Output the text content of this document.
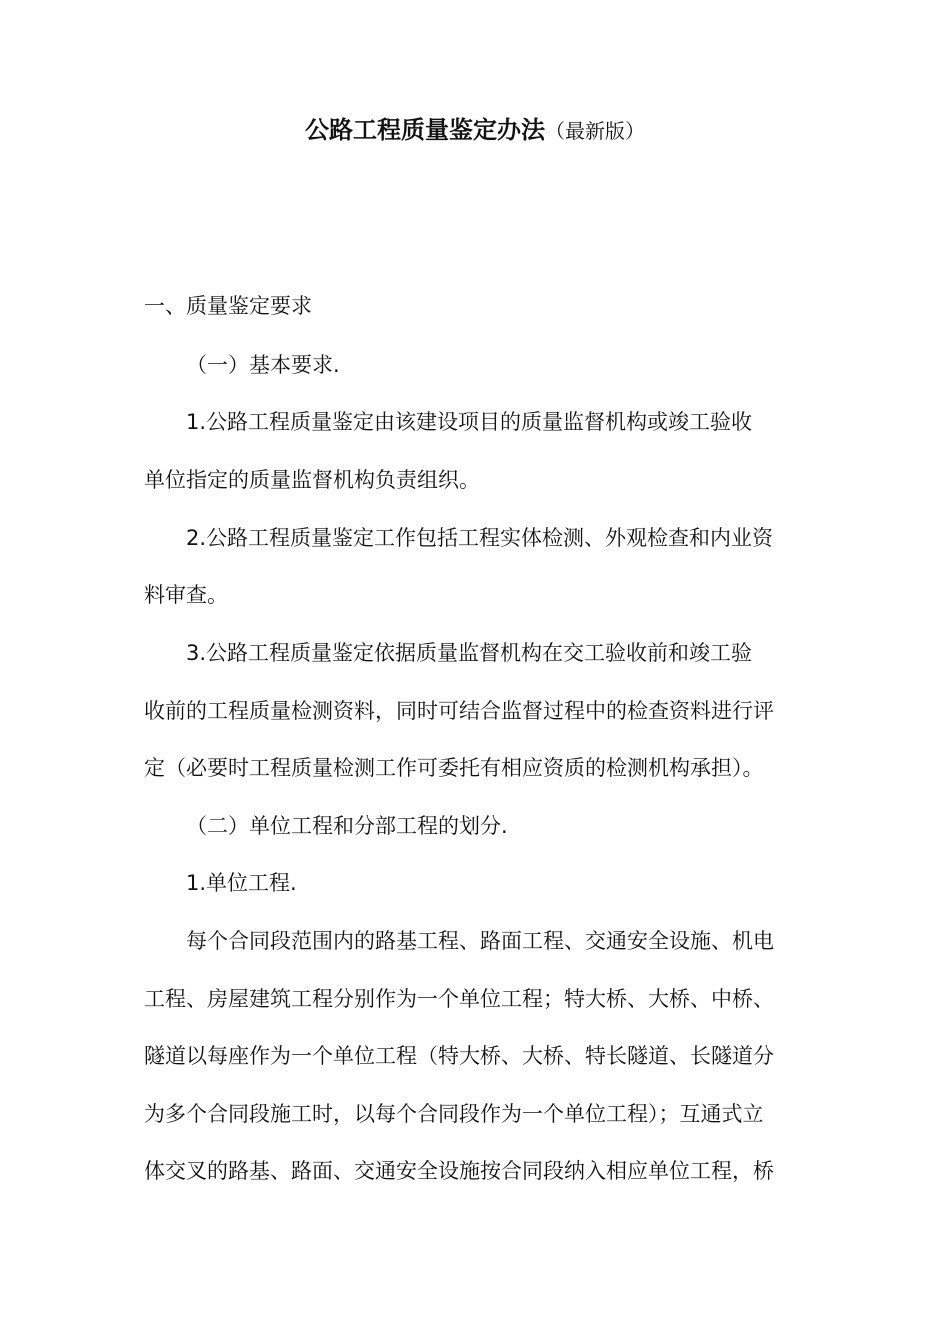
公路工程质量鉴定办法（最新版）

一、质量鉴定要求

（一）基本要求.

1.公路工程质量鉴定由该建设项目的质量监督机构或竣工验收

单位指定的质量监督机构负责组织。

2.公路工程质量鉴定工作包括工程实体检测、外观检查和内业资

料审查。

3.公路工程质量鉴定依据质量监督机构在交工验收前和竣工验

收前的工程质量检测资料，同时可结合监督过程中的检查资料进行评

定（必要时工程质量检测工作可委托有相应资质的检测机构承担）。

（二）单位工程和分部工程的划分.

1.单位工程.

每个合同段范围内的路基工程、路面工程、交通安全设施、机电

工程、房屋建筑工程分别作为一个单位工程；特大桥、大桥、中桥、

隧道以每座作为一个单位工程（特大桥、大桥、特长隧道、长隧道分

为多个合同段施工时，以每个合同段作为一个单位工程）；互通式立

体交叉的路基、路面、交通安全设施按合同段纳入相应单位工程，桥
